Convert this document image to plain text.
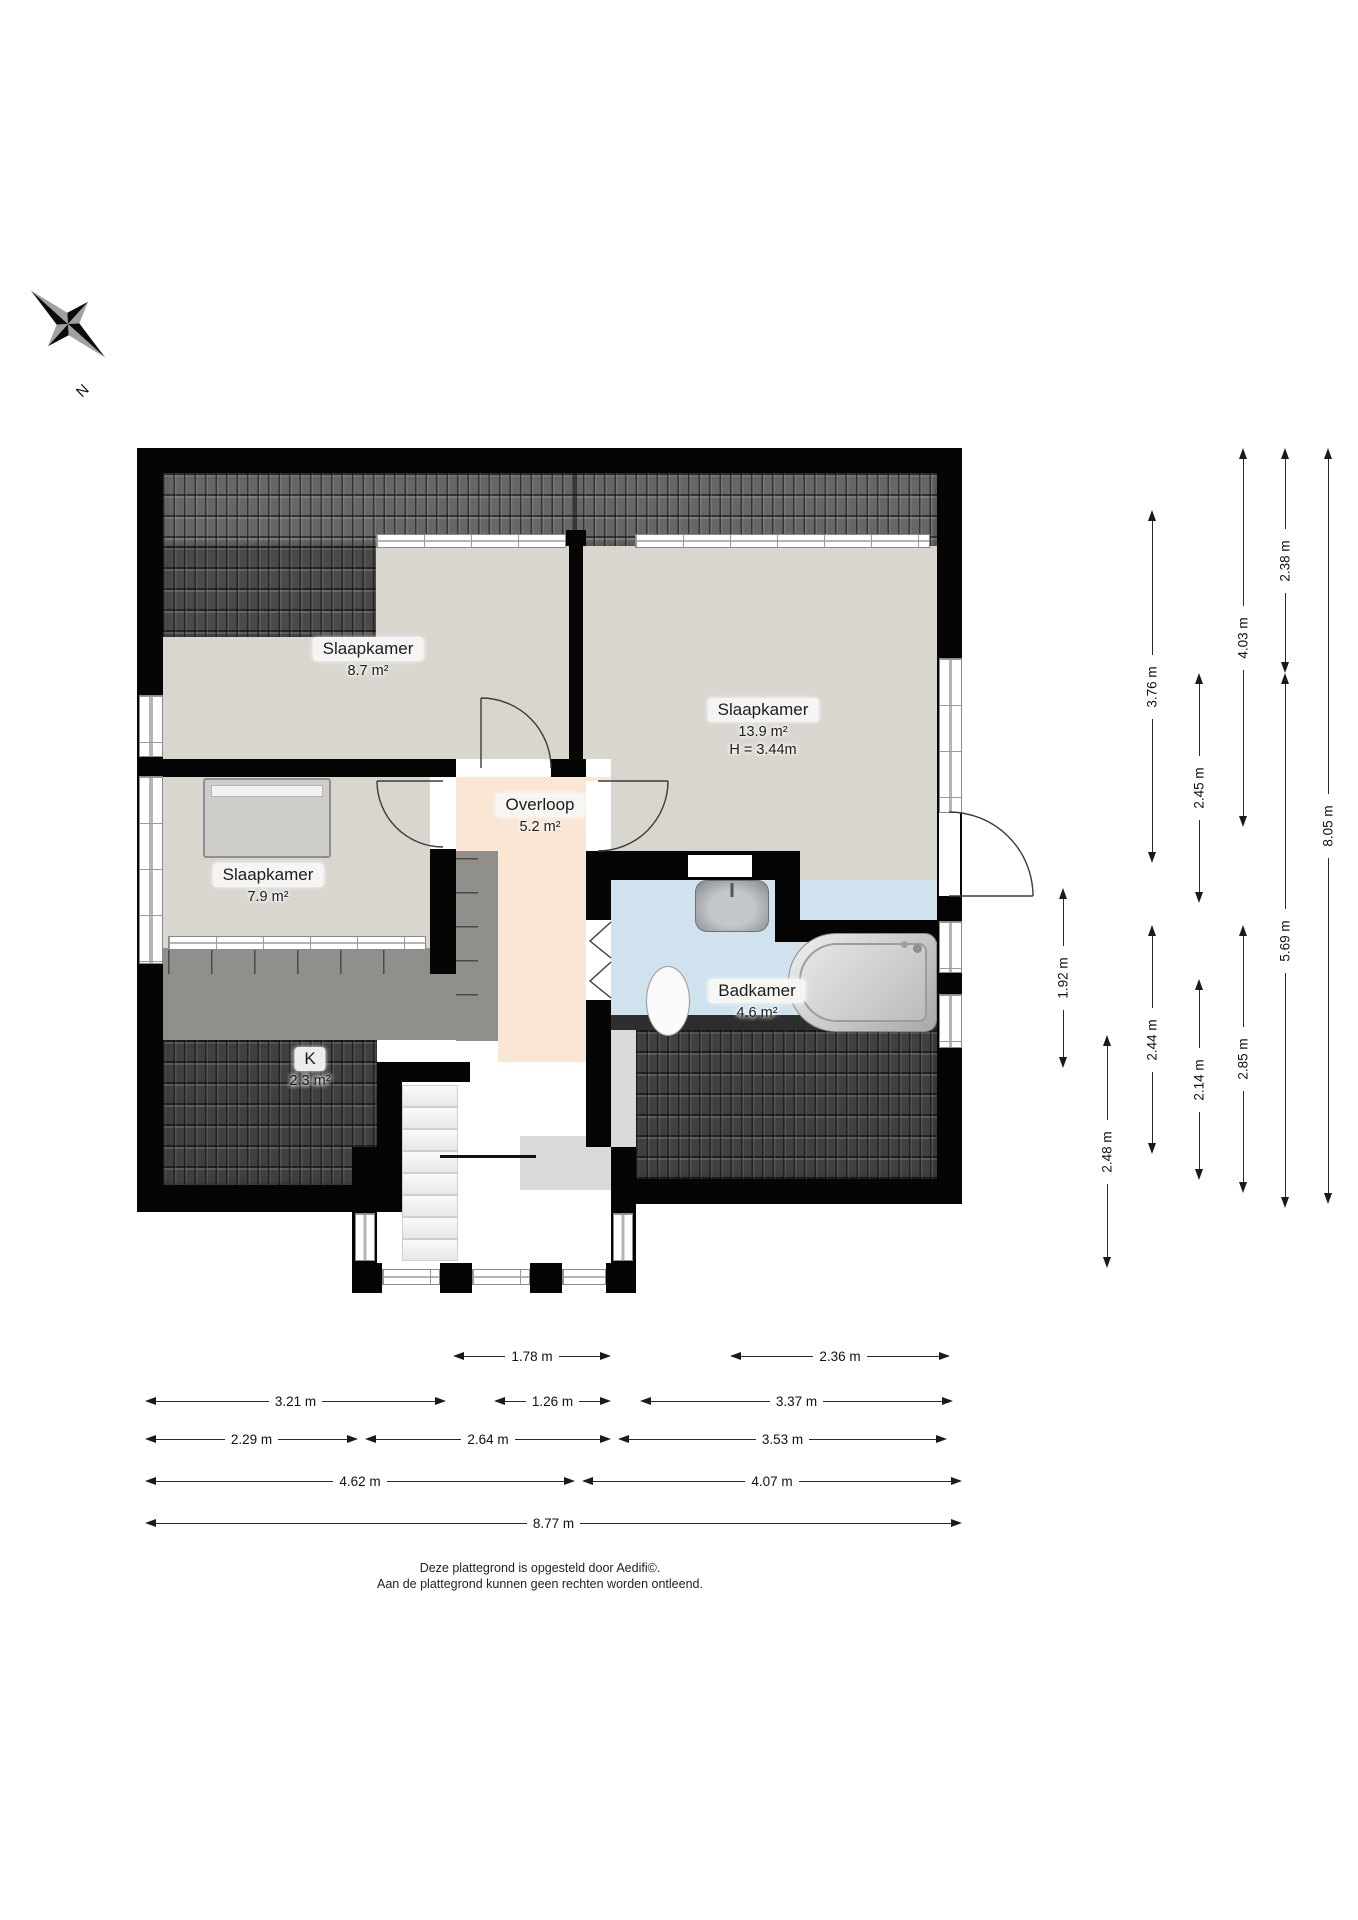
N
Slaapkamer
8.7 m²
Slaapkamer
13.9 m²
H = 3.44m
Slaapkamer
7.9 m²
Overloop
5.2 m²
Badkamer
4.6 m²
K
2.3 m²
1.78 m	2.36 m
3.21 m	1.26 m	3.37 m
2.29 m	2.64 m	3.53 m
4.62 m	4.07 m
8.77 m
1.92 m
2.48 m
3.76 m
2.44 m
2.45 m
2.14 m
4.03 m
2.85 m
2.38 m
5.69 m
8.05 m
Deze plattegrond is opgesteld door Aedifi©.
Aan de plattegrond kunnen geen rechten worden ontleend.
